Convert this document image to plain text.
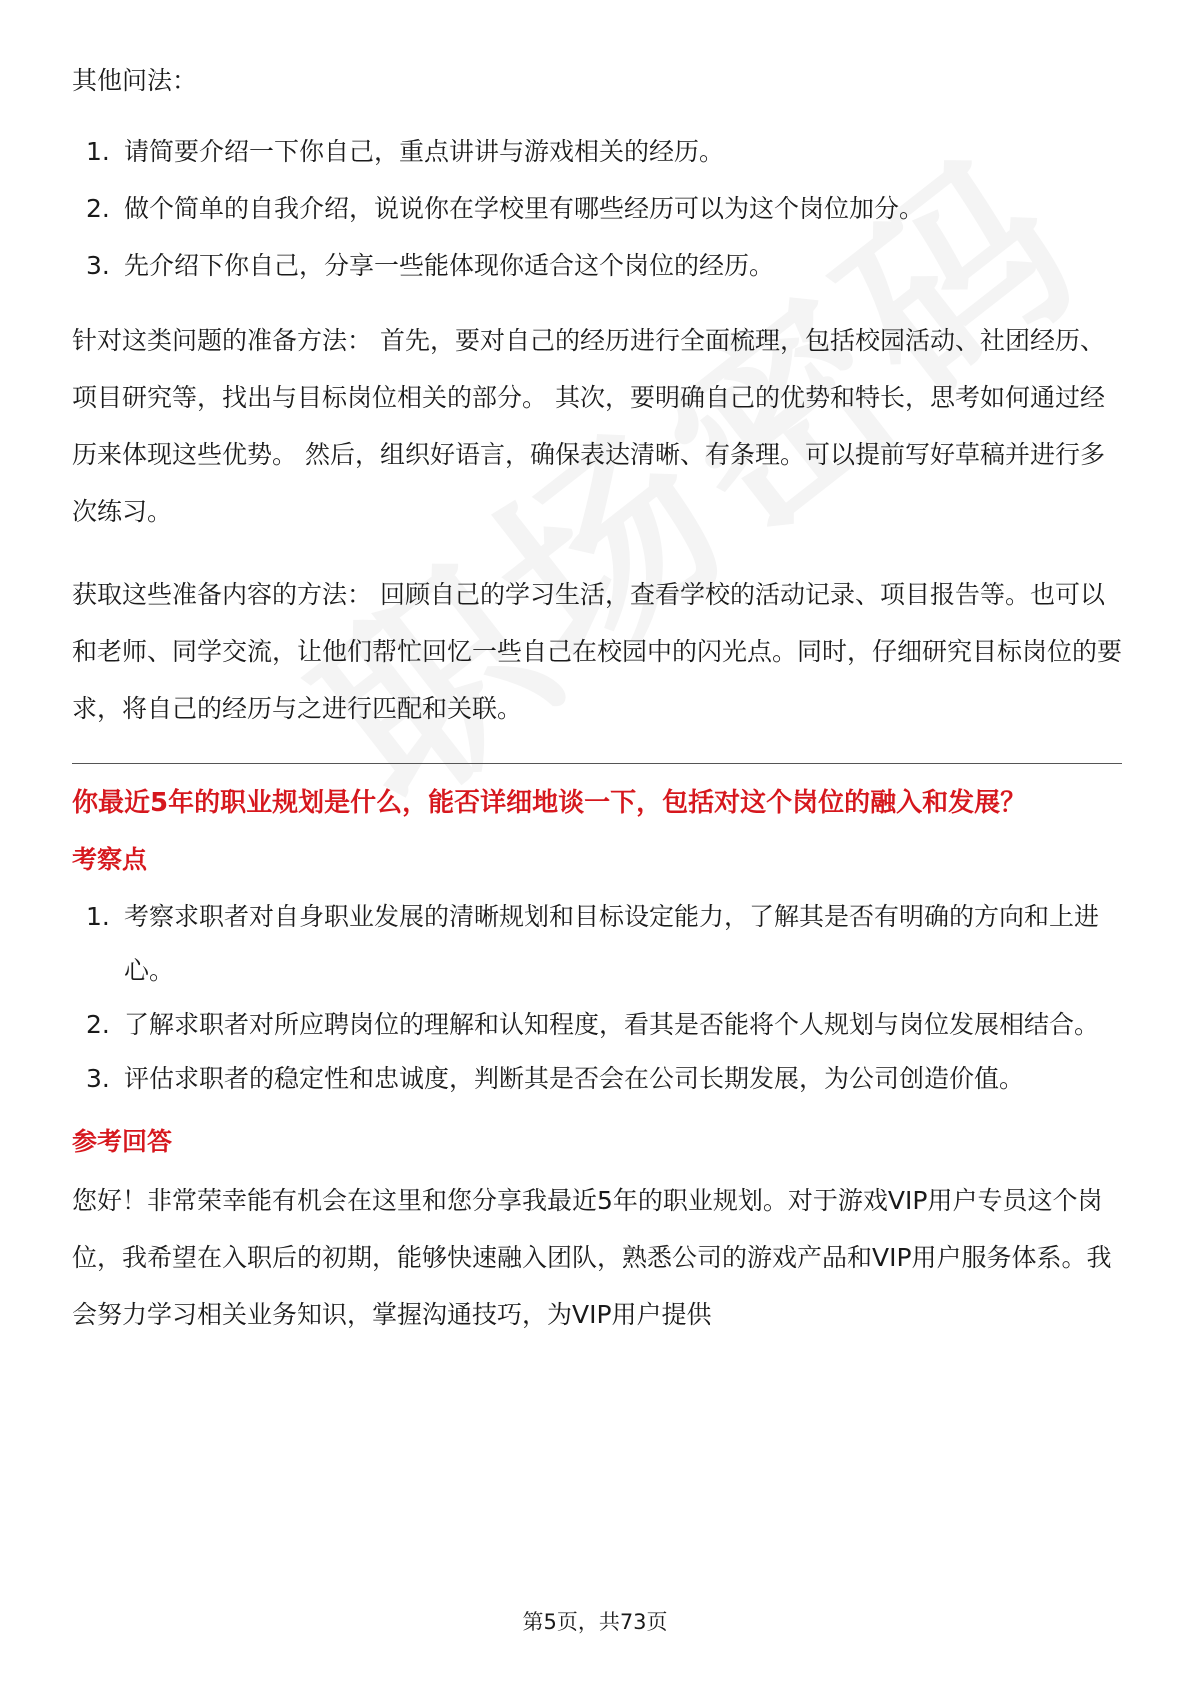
其他问法：

1. 请简要介绍一下你自己，重点讲讲与游戏相关的经历。
2. 做个简单的自我介绍，说说你在学校里有哪些经历可以为这个岗位加分。
3. 先介绍下你自己，分享一些能体现你适合这个岗位的经历。

针对这类问题的准备方法： 首先，要对自己的经历进行全面梳理，包括校园活动、社团经历、项目研究等，找出与目标岗位相关的部分。 其次，要明确自己的优势和特长，思考如何通过经历来体现这些优势。 然后，组织好语言，确保表达清晰、有条理。可以提前写好草稿并进行多次练习。

获取这些准备内容的方法： 回顾自己的学习生活，查看学校的活动记录、项目报告等。也可以和老师、同学交流，让他们帮忙回忆一些自己在校园中的闪光点。同时，仔细研究目标岗位的要求，将自己的经历与之进行匹配和关联。

你最近5年的职业规划是什么，能否详细地谈一下，包括对这个岗位的融入和发展？

考察点

1. 考察求职者对自身职业发展的清晰规划和目标设定能力，了解其是否有明确的方向和上进心。
2. 了解求职者对所应聘岗位的理解和认知程度，看其是否能将个人规划与岗位发展相结合。
3. 评估求职者的稳定性和忠诚度，判断其是否会在公司长期发展，为公司创造价值。

参考回答

您好！非常荣幸能有机会在这里和您分享我最近5年的职业规划。对于游戏VIP用户专员这个岗位，我希望在入职后的初期，能够快速融入团队，熟悉公司的游戏产品和VIP用户服务体系。我会努力学习相关业务知识，掌握沟通技巧，为VIP用户提供

第5页，共73页
